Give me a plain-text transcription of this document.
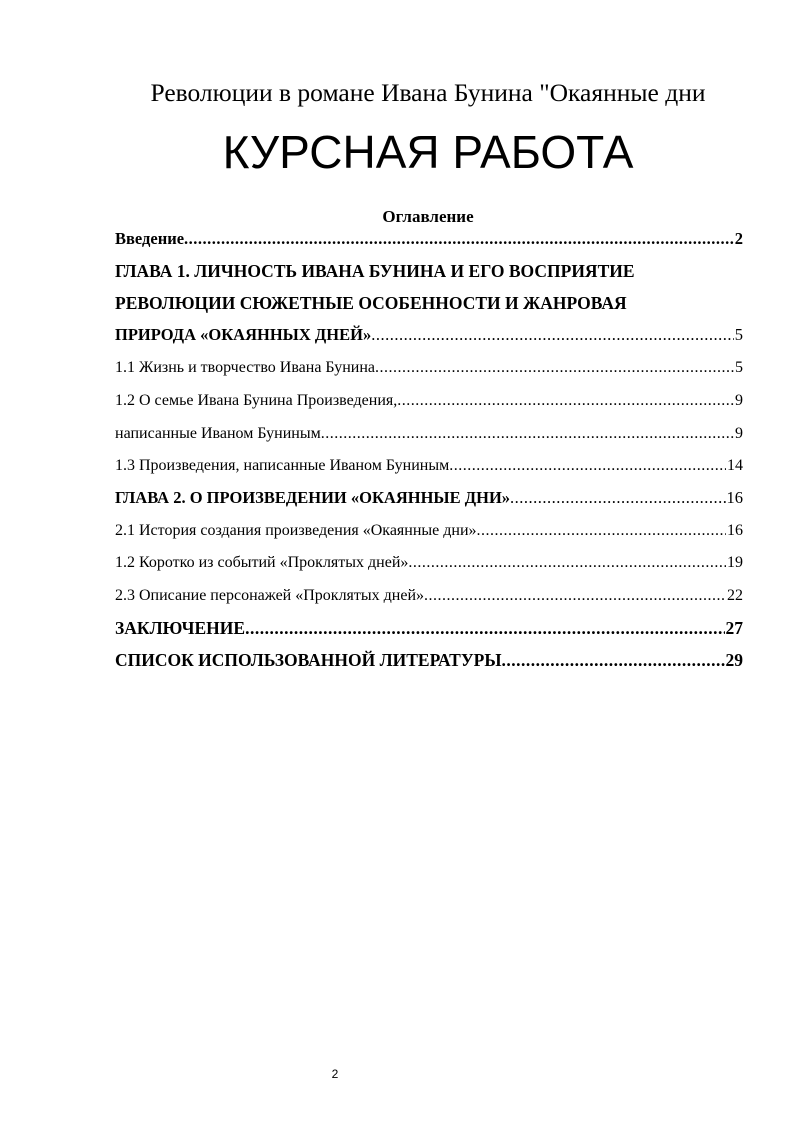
Революции в романе Ивана Бунина "Окаянные дни
КУРСНАЯ РАБОТА
Оглавление
Введение .....	2
ГЛАВА 1. ЛИЧНОСТЬ ИВАНА БУНИНА И ЕГО ВОСПРИЯТИЕ
РЕВОЛЮЦИИ СЮЖЕТНЫЕ ОСОБЕННОСТИ И ЖАНРОВАЯ
ПРИРОДА «ОКАЯННЫХ ДНЕЙ» .....	5
1.1 Жизнь и творчество Ивана Бунина .....	5
1.2 О семье Ивана Бунина Произведения, .....	9
написанные Иваном Буниным .....	9
1.3 Произведения, написанные Иваном Буниным .....	14
ГЛАВА 2. О ПРОИЗВЕДЕНИИ «ОКАЯННЫЕ ДНИ» .....	16
2.1 История создания произведения «Окаянные дни» .....	16
1.2 Коротко из событий «Проклятых дней» .....	19
2.3 Описание персонажей «Проклятых дней» .....	22
ЗАКЛЮЧЕНИЕ .....	27
СПИСОК ИСПОЛЬЗОВАННОЙ ЛИТЕРАТУРЫ .....	29
2
